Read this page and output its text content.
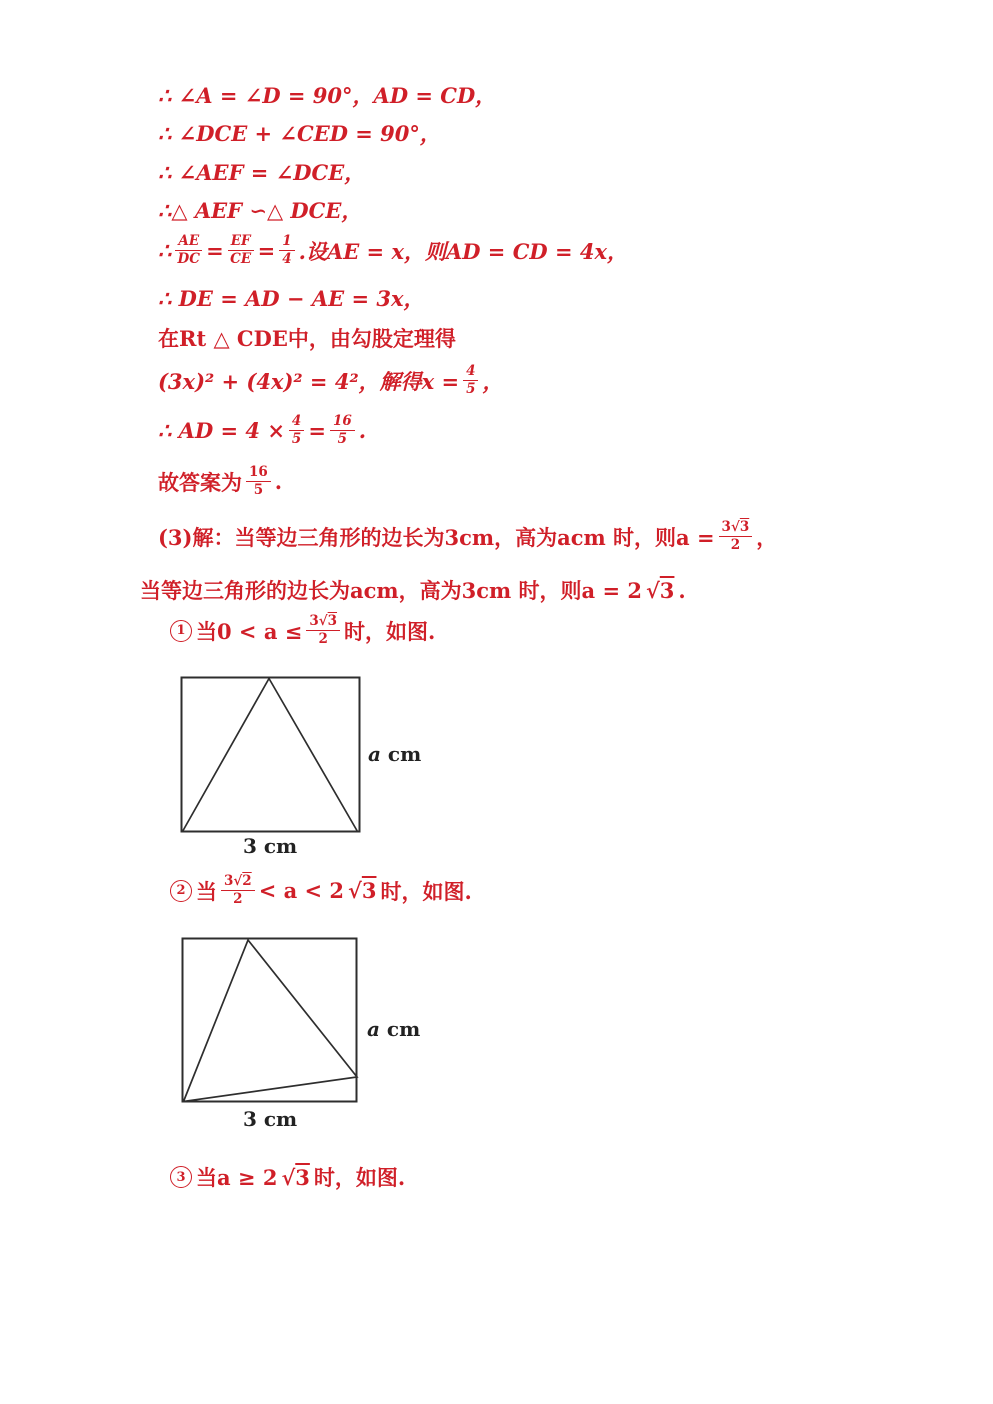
∴ ∠A = ∠D = 90°，AD = CD，
∴ ∠DCE + ∠CED = 90°，
∴ ∠AEF = ∠DCE，
∴△ AEF ∽△ DCE，
∴ $\frac{AE}{DC} = \frac{EF}{CE} = \frac{1}{4}$ .设AE = x，则AD = CD = 4x，
∴ DE = AD − AE = 3x，
在Rt △ CDE中，由勾股定理得
(3x)² + (4x)² = 4²，解得$x = \frac{4}{5}$ ，
∴ AD = $4 \times \frac{4}{5} = \frac{16}{5}$ .
故答案为 $\frac{16}{5}$ .
(3)解：当等边三角形的边长为3cm，高为acm 时，则$a = \frac{3 √ 3}{2}$ ，
当等边三角形的边长为acm，高为3cm 时，则a = 2 √ 3 .
1 当$0 < a \le \frac{3 √ 3}{2}$ 时，如图.
a cm
3 cm
2 当 $\frac{3 √ 2}{2} < a < 2$ √ 3 时，如图.
a cm
3 cm
3 当a ≥ 2 √ 3 时，如图.
